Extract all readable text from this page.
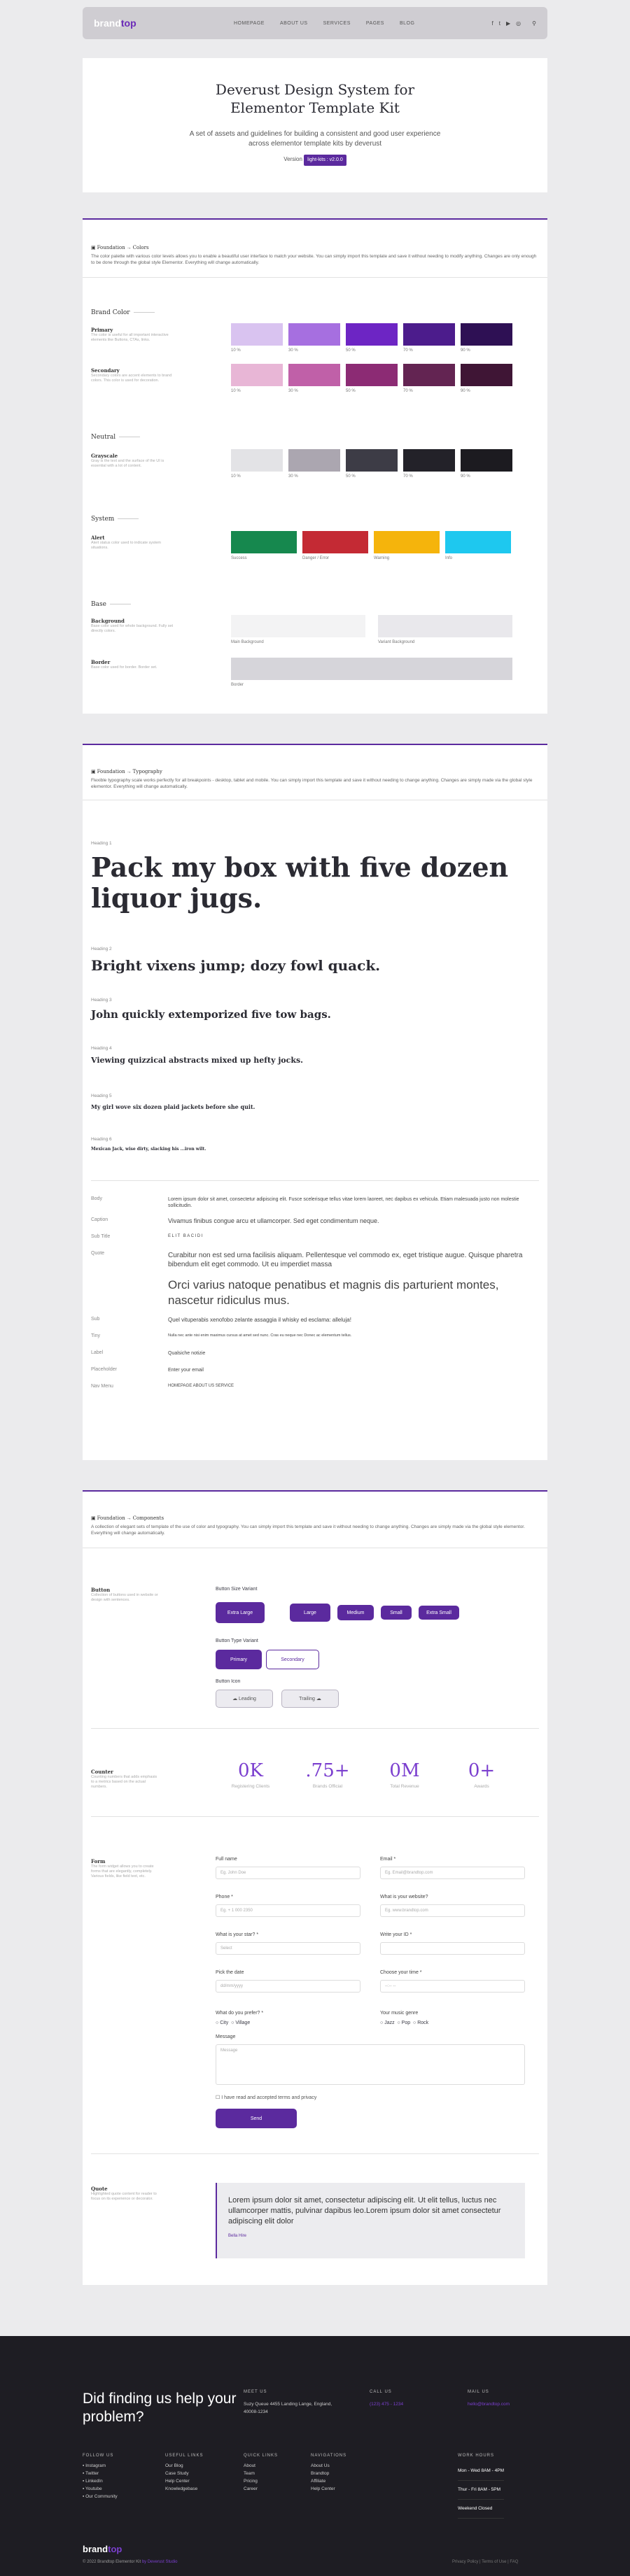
brandtop	HOMEPAGE	ABOUT US	SERVICES	PAGES	BLOG	f t ▶ ◎ ⚲
Deverust Design System for Elementor Template Kit

A set of assets and guidelines for building a consistent and good user experience across elementor template kits by deverust

Version light-kits : v2.0.0

▣ Foundation → Colors
The color palette with various color levels allows you to enable a beautiful user interface to match your website. You can simply import this template and save it without needing to modify anything. Changes are only enough to be done through the global style Elementor. Everything will change automatically.
Brand Color
Primary
The color is useful for all important interactive elements like Buttons, CTAs, links.
10 %	30 %	50 %	70 %	90 %
Secondary
Secondary colors are accent elements to brand colors. This color is used for decoration.
10 %	30 %	50 %	70 %	90 %
Neutral
Grayscale
Gray is the text and the surface of the UI is essential with a lot of content.
10 %	30 %	50 %	70 %	90 %
System
Alert
Alert status color used to indicate system situations.
Success	Danger / Error	Warning	Info
Base
Background
Base color used for whole background. Fully set directly colors.
Main Background	Variant Background
Border
Base color used for border. Border set.
Border
▣ Foundation → Typography
Flexible typography scale works perfectly for all breakpoints - desktop, tablet and mobile. You can simply import this template and save it without needing to change anything. Changes are simply made via the global style elementor. Everything will change automatically.
Heading 1
Pack my box with five dozen liquor jugs.
Heading 2
Bright vixens jump; dozy fowl quack.
Heading 3
John quickly extemporized five tow bags.
Heading 4
Viewing quizzical abstracts mixed up hefty jocks.
Heading 5
My girl wove six dozen plaid jackets before she quit.
Heading 6
Mexican Jack, wise dirty, slacking his ...iron wilt.
Body	Lorem ipsum dolor sit amet, consectetur adipiscing elit. Fusce scelerisque tellus vitae lorem laoreet, nec dapibus ex vehicula. Etiam malesuada justo non molestie sollicitudin.
Caption	Vivamus finibus congue arcu et ullamcorper. Sed eget condimentum neque.
Sub Title	ELIT BACIDI
Quote	Curabitur non est sed urna facilisis aliquam. Pellentesque vel commodo ex, eget tristique augue. Quisque pharetra bibendum elit eget commodo. Ut eu imperdiet massa
Orci varius natoque penatibus et magnis dis parturient montes, nascetur ridiculus mus.
Sub	Quel vituperabis xenofobo zelante assaggia il whisky ed esclama: alleluja!
Tiny	Nulla nec ante nisi enim maximus cursus at amet sed nunc. Cras eu neque nec Donec ac elementum tellus.
Label	Qualsiche notizie
Placeholder	Enter your email
Nav Menu	HOMEPAGE ABOUT US SERVICE
▣ Foundation → Components
A collection of elegant sets of template of the use of color and typography. You can simply import this template and save it without needing to change anything. Changes are simply made via the global style elementor. Everything will change automatically.
Button
Collection of buttons used in website or design with sentences.
Button Size Variant
Extra Large	Large	Medium	Small	Extra Small
Button Type Variant
Primary	Secondary
Button Icon
☁ Leading	Trailing ☁
Counter
Counting numbers that adds emphasis to a metrics based on the actual numbers.
0K
Registering Clients
.75+
Brands Official
0M
Total Revenue
0+
Awards
Form
The form widget allows you to create forms that are elegantly, completely. Various fields, like field text, etc.
Full name
Eg. John Doe
Email *
Eg. Email@brandtop.com
Phone *
Eg. + 1 000 2350
What is your website?
Eg. www.brandtop.com
What is your star? *
Select
Write your ID *
Pick the date
dd/mm/yyyy
Choose your time *
--:-- --
What do you prefer? *
○ City ○ Village
Your music genre
○ Jazz ○ Pop ○ Rock
Message
Message
☐ I have read and accepted terms and privacy
Send
Quote
Highlighted quote content for reader to focus on its experience or decorator.	Lorem ipsum dolor sit amet, consectetur adipiscing elit. Ut elit tellus, luctus nec ullamcorper mattis, pulvinar dapibus leo.Lorem ipsum dolor sit amet consectetur adipiscing elit dolor
Bella Hire
Did finding us help your problem?
MEET US
Suzy Queue 4455 Landing Lange, England, 40008-1234
CALL US
(123) 475 - 1234
MAIL US
hello@brandtop.com
FOLLOW US
▪ Instagram
▪ Twitter
▪ LinkedIn
▪ Youtube
▪ Our Community
USEFUL LINKS
Our Blog
Case Study
Help Center
Knowledgebase
QUICK LINKS
About
Team
Pricing
Career
NAVIGATIONS
About Us
Brandtop
Affiliate
Help Center
WORK HOURS
Mon - Wed 8AM - 4PM
Thur - Fri 8AM - 5PM
Weekend Closed
brandtop
© 2022 Brandtop Elementor Kit by Deverust Studio	Privacy Policy | Terms of Use | FAQ
